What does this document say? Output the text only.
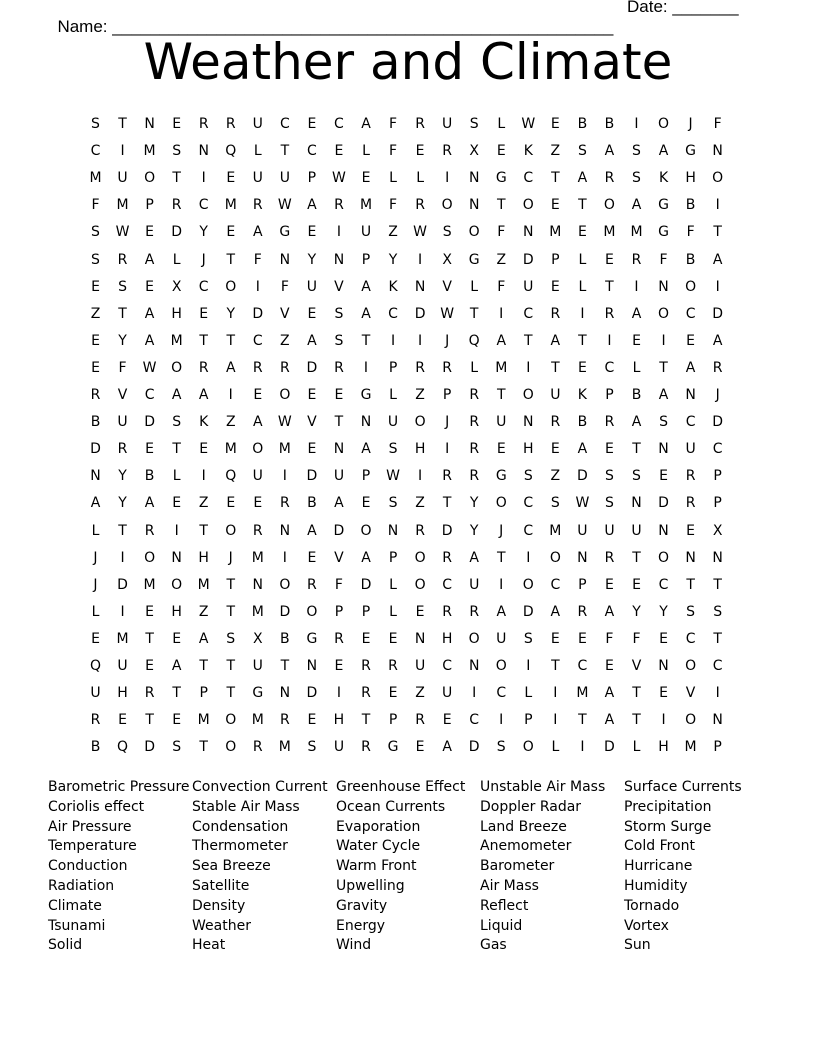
Name: _____________________________________________________

Date: _______

Weather and Climate
S	T	N	E	R	R	U	C	E	C	A	F	R	U	S	L	W	E	B	B	I	O	J	F
C	I	M	S	N	Q	L	T	C	E	L	F	E	R	X	E	K	Z	S	A	S	A	G	N
M	U	O	T	I	E	U	U	P	W	E	L	L	I	N	G	C	T	A	R	S	K	H	O
F	M	P	R	C	M	R	W	A	R	M	F	R	O	N	T	O	E	T	O	A	G	B	I
S	W	E	D	Y	E	A	G	E	I	U	Z	W	S	O	F	N	M	E	M	M	G	F	T
S	R	A	L	J	T	F	N	Y	N	P	Y	I	X	G	Z	D	P	L	E	R	F	B	A
E	S	E	X	C	O	I	F	U	V	A	K	N	V	L	F	U	E	L	T	I	N	O	I
Z	T	A	H	E	Y	D	V	E	S	A	C	D	W	T	I	C	R	I	R	A	O	C	D
E	Y	A	M	T	T	C	Z	A	S	T	I	I	J	Q	A	T	A	T	I	E	I	E	A
E	F	W	O	R	A	R	R	D	R	I	P	R	R	L	M	I	T	E	C	L	T	A	R
R	V	C	A	A	I	E	O	E	E	G	L	Z	P	R	T	O	U	K	P	B	A	N	J
B	U	D	S	K	Z	A	W	V	T	N	U	O	J	R	U	N	R	B	R	A	S	C	D
D	R	E	T	E	M	O	M	E	N	A	S	H	I	R	E	H	E	A	E	T	N	U	C
N	Y	B	L	I	Q	U	I	D	U	P	W	I	R	R	G	S	Z	D	S	S	E	R	P
A	Y	A	E	Z	E	E	R	B	A	E	S	Z	T	Y	O	C	S	W	S	N	D	R	P
L	T	R	I	T	O	R	N	A	D	O	N	R	D	Y	J	C	M	U	U	U	N	E	X
J	I	O	N	H	J	M	I	E	V	A	P	O	R	A	T	I	O	N	R	T	O	N	N
J	D	M	O	M	T	N	O	R	F	D	L	O	C	U	I	O	C	P	E	E	C	T	T
L	I	E	H	Z	T	M	D	O	P	P	L	E	R	R	A	D	A	R	A	Y	Y	S	S
E	M	T	E	A	S	X	B	G	R	E	E	N	H	O	U	S	E	E	F	F	E	C	T
Q	U	E	A	T	T	U	T	N	E	R	R	U	C	N	O	I	T	C	E	V	N	O	C
U	H	R	T	P	T	G	N	D	I	R	E	Z	U	I	C	L	I	M	A	T	E	V	I
R	E	T	E	M	O	M	R	E	H	T	P	R	E	C	I	P	I	T	A	T	I	O	N
B	Q	D	S	T	O	R	M	S	U	R	G	E	A	D	S	O	L	I	D	L	H	M	P
Barometric Pressure
Coriolis effect
Air Pressure
Temperature
Conduction
Radiation
Climate
Tsunami
Solid
Convection Current
Stable Air Mass
Condensation
Thermometer
Sea Breeze
Satellite
Density
Weather
Heat
Greenhouse Effect
Ocean Currents
Evaporation
Water Cycle
Warm Front
Upwelling
Gravity
Energy
Wind
Unstable Air Mass
Doppler Radar
Land Breeze
Anemometer
Barometer
Air Mass
Reflect
Liquid
Gas
Surface Currents
Precipitation
Storm Surge
Cold Front
Hurricane
Humidity
Tornado
Vortex
Sun
